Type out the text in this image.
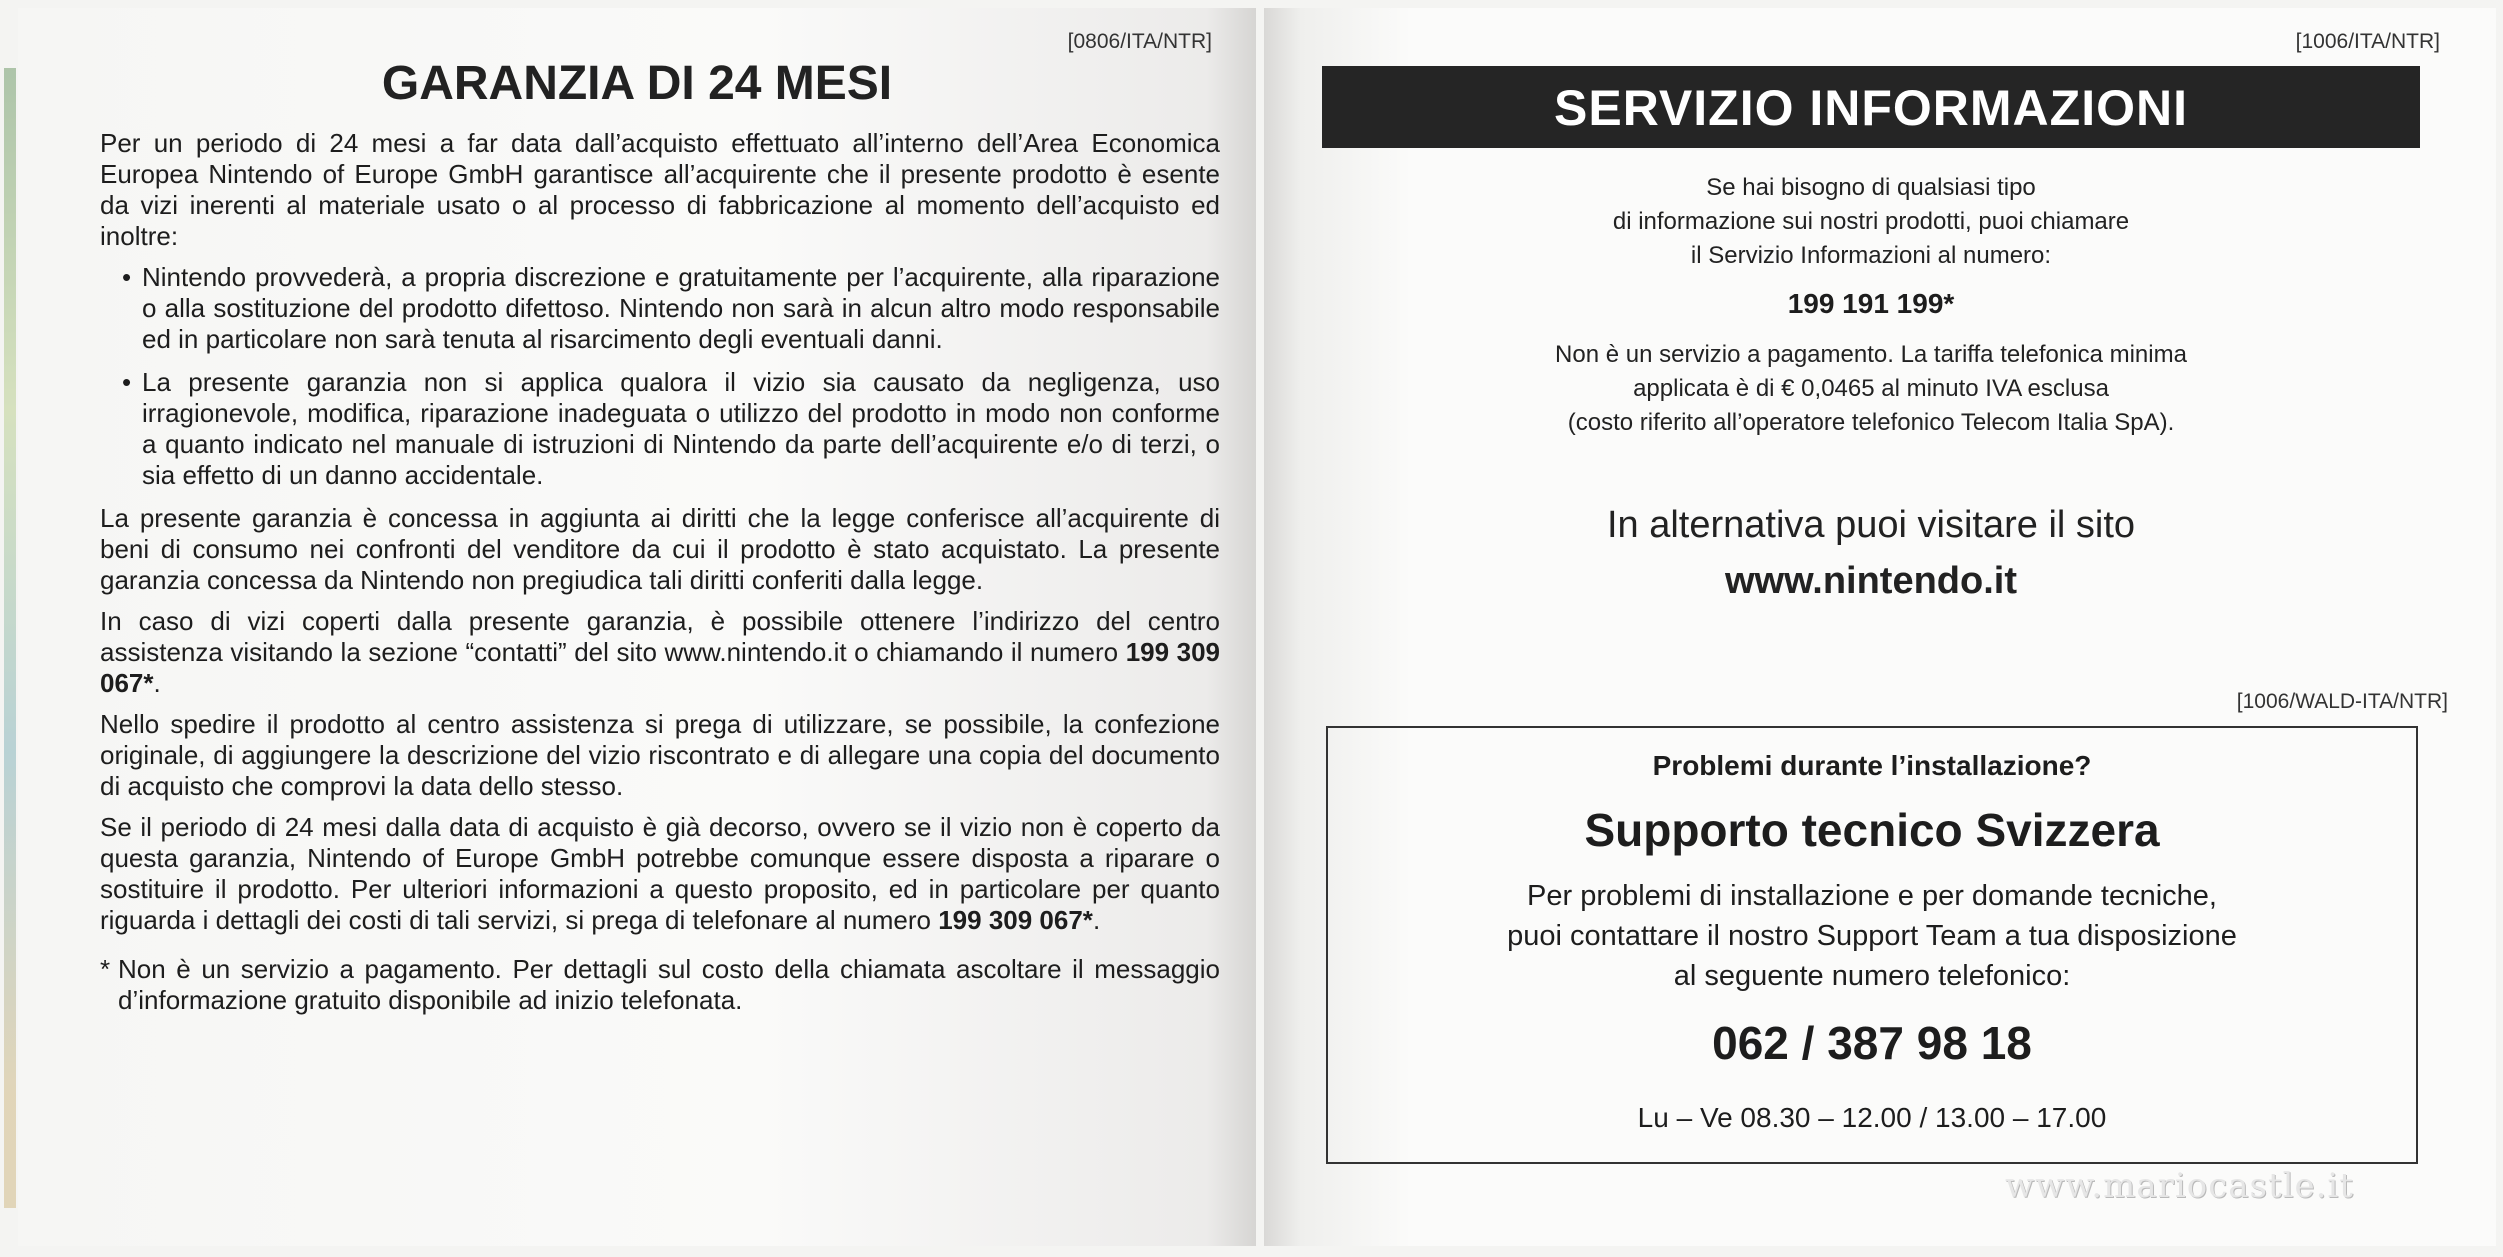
[0806/ITA/NTR]
GARANZIA DI 24 MESI

Per un periodo di 24 mesi a far data dall’acquisto effettuato all’interno dell’Area Economica Europea Nintendo of Europe GmbH garantisce all’acquirente che il presente prodotto è esente da vizi inerenti al materiale usato o al processo di fabbricazione al momento dell’acquisto ed inoltre:

• Nintendo provvederà, a propria discrezione e gratuitamente per l’acquirente, alla riparazione o alla sostituzione del prodotto difettoso. Nintendo non sarà in alcun altro modo responsabile ed in particolare non sarà tenuta al risarcimento degli eventuali danni.
• La presente garanzia non si applica qualora il vizio sia causato da negligenza, uso irragionevole, modifica, riparazione inadeguata o utilizzo del prodotto in modo non conforme a quanto indicato nel manuale di istruzioni di Nintendo da parte dell’acquirente e/o di terzi, o sia effetto di un danno accidentale.

La presente garanzia è concessa in aggiunta ai diritti che la legge conferisce all’acquirente di beni di consumo nei confronti del venditore da cui il prodotto è stato acquistato. La presente garanzia concessa da Nintendo non pregiudica tali diritti conferiti dalla legge.

In caso di vizi coperti dalla presente garanzia, è possibile ottenere l’indirizzo del centro assistenza visitando la sezione “contatti” del sito www.nintendo.it o chiamando il numero 199 309 067*.

Nello spedire il prodotto al centro assistenza si prega di utilizzare, se possibile, la confezione originale, di aggiungere la descrizione del vizio riscontrato e di allegare una copia del documento di acquisto che comprovi la data dello stesso.

Se il periodo di 24 mesi dalla data di acquisto è già decorso, ovvero se il vizio non è coperto da questa garanzia, Nintendo of Europe GmbH potrebbe comunque essere disposta a riparare o sostituire il prodotto. Per ulteriori informazioni a questo proposito, ed in particolare per quanto riguarda i dettagli dei costi di tali servizi, si prega di telefonare al numero 199 309 067*.

* Non è un servizio a pagamento. Per dettagli sul costo della chiamata ascoltare il messaggio d’informazione gratuito disponibile ad inizio telefonata.

[1006/ITA/NTR]
SERVIZIO INFORMAZIONI
Se hai bisogno di qualsiasi tipo
di informazione sui nostri prodotti, puoi chiamare
il Servizio Informazioni al numero:
199 191 199*
Non è un servizio a pagamento. La tariffa telefonica minima
applicata è di € 0,0465 al minuto IVA esclusa
(costo riferito all’operatore telefonico Telecom Italia SpA).
In alternativa puoi visitare il sito
www.nintendo.it
[1006/WALD-ITA/NTR]
Problemi durante l’installazione?
Supporto tecnico Svizzera
Per problemi di installazione e per domande tecniche,
puoi contattare il nostro Support Team a tua disposizione
al seguente numero telefonico:
062 / 387 98 18
Lu – Ve 08.30 – 12.00 / 13.00 – 17.00
www.mariocastle.it
